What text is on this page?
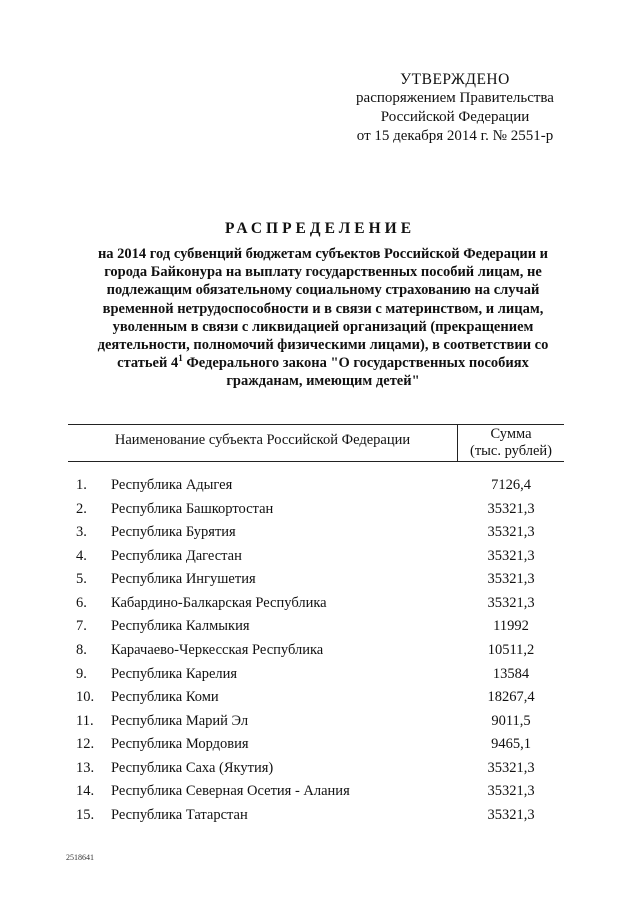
УТВЕРЖДЕНО
распоряжением Правительства
Российской Федерации
от 15 декабря 2014 г. № 2551-р
РАСПРЕДЕЛЕНИЕ
на 2014 год субвенций бюджетам субъектов Российской Федерации и
города Байконура на выплату государственных пособий лицам, не
подлежащим обязательному социальному страхованию на случай
временной нетрудоспособности и в связи с материнством, и лицам,
уволенным в связи с ликвидацией организаций (прекращением
деятельности, полномочий физическими лицами), в соответствии со
статьей $4^1$ Федерального закона "О государственных пособиях
гражданам, имеющим детей"
Наименование субъекта Российской Федерации	Сумма
(тыс. рублей)
1. Республика Адыгея	7126,4
2. Республика Башкортостан	35321,3
3. Республика Бурятия	35321,3
4. Республика Дагестан	35321,3
5. Республика Ингушетия	35321,3
6. Кабардино-Балкарская Республика	35321,3
7. Республика Калмыкия	11992
8. Карачаево-Черкесская Республика	10511,2
9. Республика Карелия	13584
10. Республика Коми	18267,4
11. Республика Марий Эл	9011,5
12. Республика Мордовия	9465,1
13. Республика Саха (Якутия)	35321,3
14. Республика Северная Осетия - Алания	35321,3
15. Республика Татарстан	35321,3
2518641
